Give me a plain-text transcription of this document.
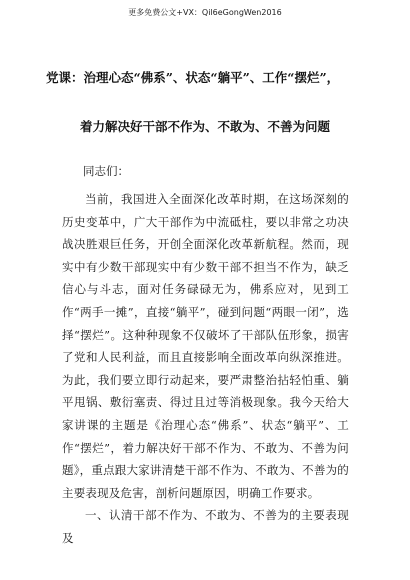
更多免费公文+VX：Qil6eGongWen2016
党课：治理心态“佛系”、状态“躺平”、工作“摆烂”，
着力解决好干部不作为、不敢为、不善为问题
同志们：

当前，我国进入全面深化改革时期，在这场深刻的历史变革中，广大干部作为中流砥柱，要以非常之功决战决胜艰巨任务，开创全面深化改革新航程。然而，现实中有少数干部现实中有少数干部不担当不作为，缺乏信心与斗志，面对任务碌碌无为，佛系应对，见到工作“两手一摊”，直接“躺平”，碰到问题“两眼一闭”，选择“摆烂”。这种种现象不仅破坏了干部队伍形象，损害了党和人民利益，而且直接影响全面改革向纵深推进。为此，我们要立即行动起来，要严肃整治拈轻怕重、躺平甩锅、敷衍塞责、得过且过等消极现象。我今天给大家讲课的主题是《治理心态“佛系”、状态“躺平”、工作“摆烂”，着力解决好干部不作为、不敢为、不善为问题》，重点跟大家讲清楚干部不作为、不敢为、不善为的主要表现及危害，剖析问题原因，明确工作要求。

一、认清干部不作为、不敢为、不善为的主要表现及
